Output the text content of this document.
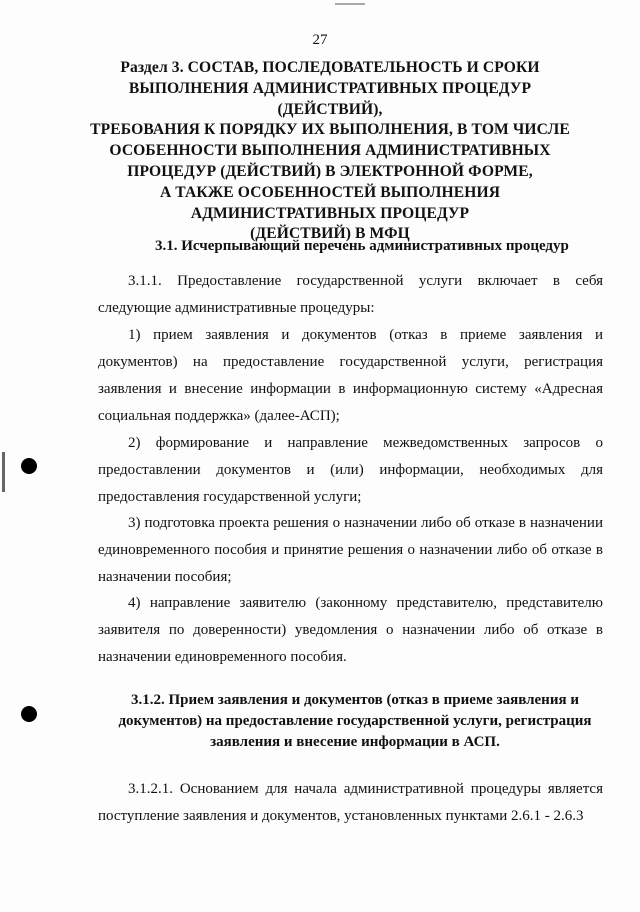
27
Раздел 3. СОСТАВ, ПОСЛЕДОВАТЕЛЬНОСТЬ И СРОКИ
ВЫПОЛНЕНИЯ АДМИНИСТРАТИВНЫХ ПРОЦЕДУР (ДЕЙСТВИЙ),
ТРЕБОВАНИЯ К ПОРЯДКУ ИХ ВЫПОЛНЕНИЯ, В ТОМ ЧИСЛЕ
ОСОБЕННОСТИ ВЫПОЛНЕНИЯ АДМИНИСТРАТИВНЫХ
ПРОЦЕДУР (ДЕЙСТВИЙ) В ЭЛЕКТРОННОЙ ФОРМЕ,
А ТАКЖЕ ОСОБЕННОСТЕЙ ВЫПОЛНЕНИЯ
АДМИНИСТРАТИВНЫХ ПРОЦЕДУР
(ДЕЙСТВИЙ) В МФЦ
3.1. Исчерпывающий перечень административных процедур

3.1.1. Предоставление государственной услуги включает в себя следующие административные процедуры:

1) прием заявления и документов (отказ в приеме заявления и документов) на предоставление государственной услуги, регистрация заявления и внесение информации в информационную систему «Адресная социальная поддержка» (далее-АСП);

2) формирование и направление межведомственных запросов о предоставлении документов и (или) информации, необходимых для предоставления государственной услуги;

3) подготовка проекта решения о назначении либо об отказе в назначении единовременного пособия и принятие решения о назначении либо об отказе в назначении пособия;

4) направление заявителю (законному представителю, представителю заявителя по доверенности) уведомления о назначении либо об отказе в назначении единовременного пособия.

3.1.2. Прием заявления и документов (отказ в приеме заявления и
документов) на предоставление государственной услуги, регистрация
заявления и внесение информации в АСП.

3.1.2.1. Основанием для начала административной процедуры является поступление заявления и документов, установленных пунктами 2.6.1 - 2.6.3
